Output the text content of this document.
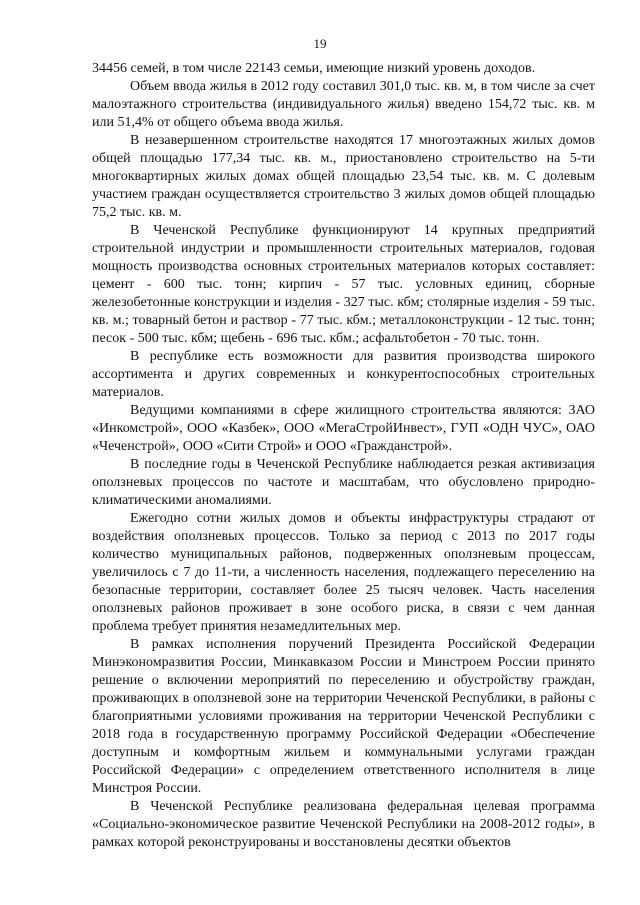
19

34456 семей, в том числе 22143 семьи, имеющие низкий уровень доходов.

Объем ввода жилья в 2012 году составил 301,0 тыс. кв. м, в том числе за счет малоэтажного строительства (индивидуального жилья) введено 154,72 тыс. кв. м или 51,4% от общего объема ввода жилья.

В незавершенном строительстве находятся 17 многоэтажных жилых домов общей площадью 177,34 тыс. кв. м., приостановлено строительство на 5-ти многоквартирных жилых домах общей площадью 23,54 тыс. кв. м. С долевым участием граждан осуществляется строительство 3 жилых домов общей площадью 75,2 тыс. кв. м.

В Чеченской Республике функционируют 14 крупных предприятий строительной индустрии и промышленности строительных материалов, годовая мощность производства основных строительных материалов которых составляет: цемент - 600 тыс. тонн; кирпич - 57 тыс. условных единиц, сборные железобетонные конструкции и изделия - 327 тыс. кбм; столярные изделия - 59 тыс. кв. м.; товарный бетон и раствор - 77 тыс. кбм.; металлоконструкции - 12 тыс. тонн; песок - 500 тыс. кбм; щебень - 696 тыс. кбм.; асфальтобетон - 70 тыс. тонн.

В республике есть возможности для развития производства широкого ассортимента и других современных и конкурентоспособных строительных материалов.

Ведущими компаниями в сфере жилищного строительства являются: ЗАО «Инкомстрой», ООО «Казбек», ООО «МегаСтройИнвест», ГУП «ОДН ЧУС», ОАО «Чеченстрой», ООО «Сити Строй» и ООО «Гражданстрой».

В последние годы в Чеченской Республике наблюдается резкая активизация оползневых процессов по частоте и масштабам, что обусловлено природно-климатическими аномалиями.

Ежегодно сотни жилых домов и объекты инфраструктуры страдают от воздействия оползневых процессов. Только за период с 2013 по 2017 годы количество муниципальных районов, подверженных оползневым процессам, увеличилось с 7 до 11-ти, а численность населения, подлежащего переселению на безопасные территории, составляет более 25 тысяч человек. Часть населения оползневых районов проживает в зоне особого риска, в связи с чем данная проблема требует принятия незамедлительных мер.

В рамках исполнения поручений Президента Российской Федерации Минэкономразвития России, Минкавказом России и Минстроем России принято решение о включении мероприятий по переселению и обустройству граждан, проживающих в оползневой зоне на территории Чеченской Республики, в районы с благоприятными условиями проживания на территории Чеченской Республики с 2018 года в государственную программу Российской Федерации «Обеспечение доступным и комфортным жильем и коммунальными услугами граждан Российской Федерации» с определением ответственного исполнителя в лице Минстроя России.

В Чеченской Республике реализована федеральная целевая программа «Социально-экономическое развитие Чеченской Республики на 2008-2012 годы», в рамках которой реконструированы и восстановлены десятки объектов
